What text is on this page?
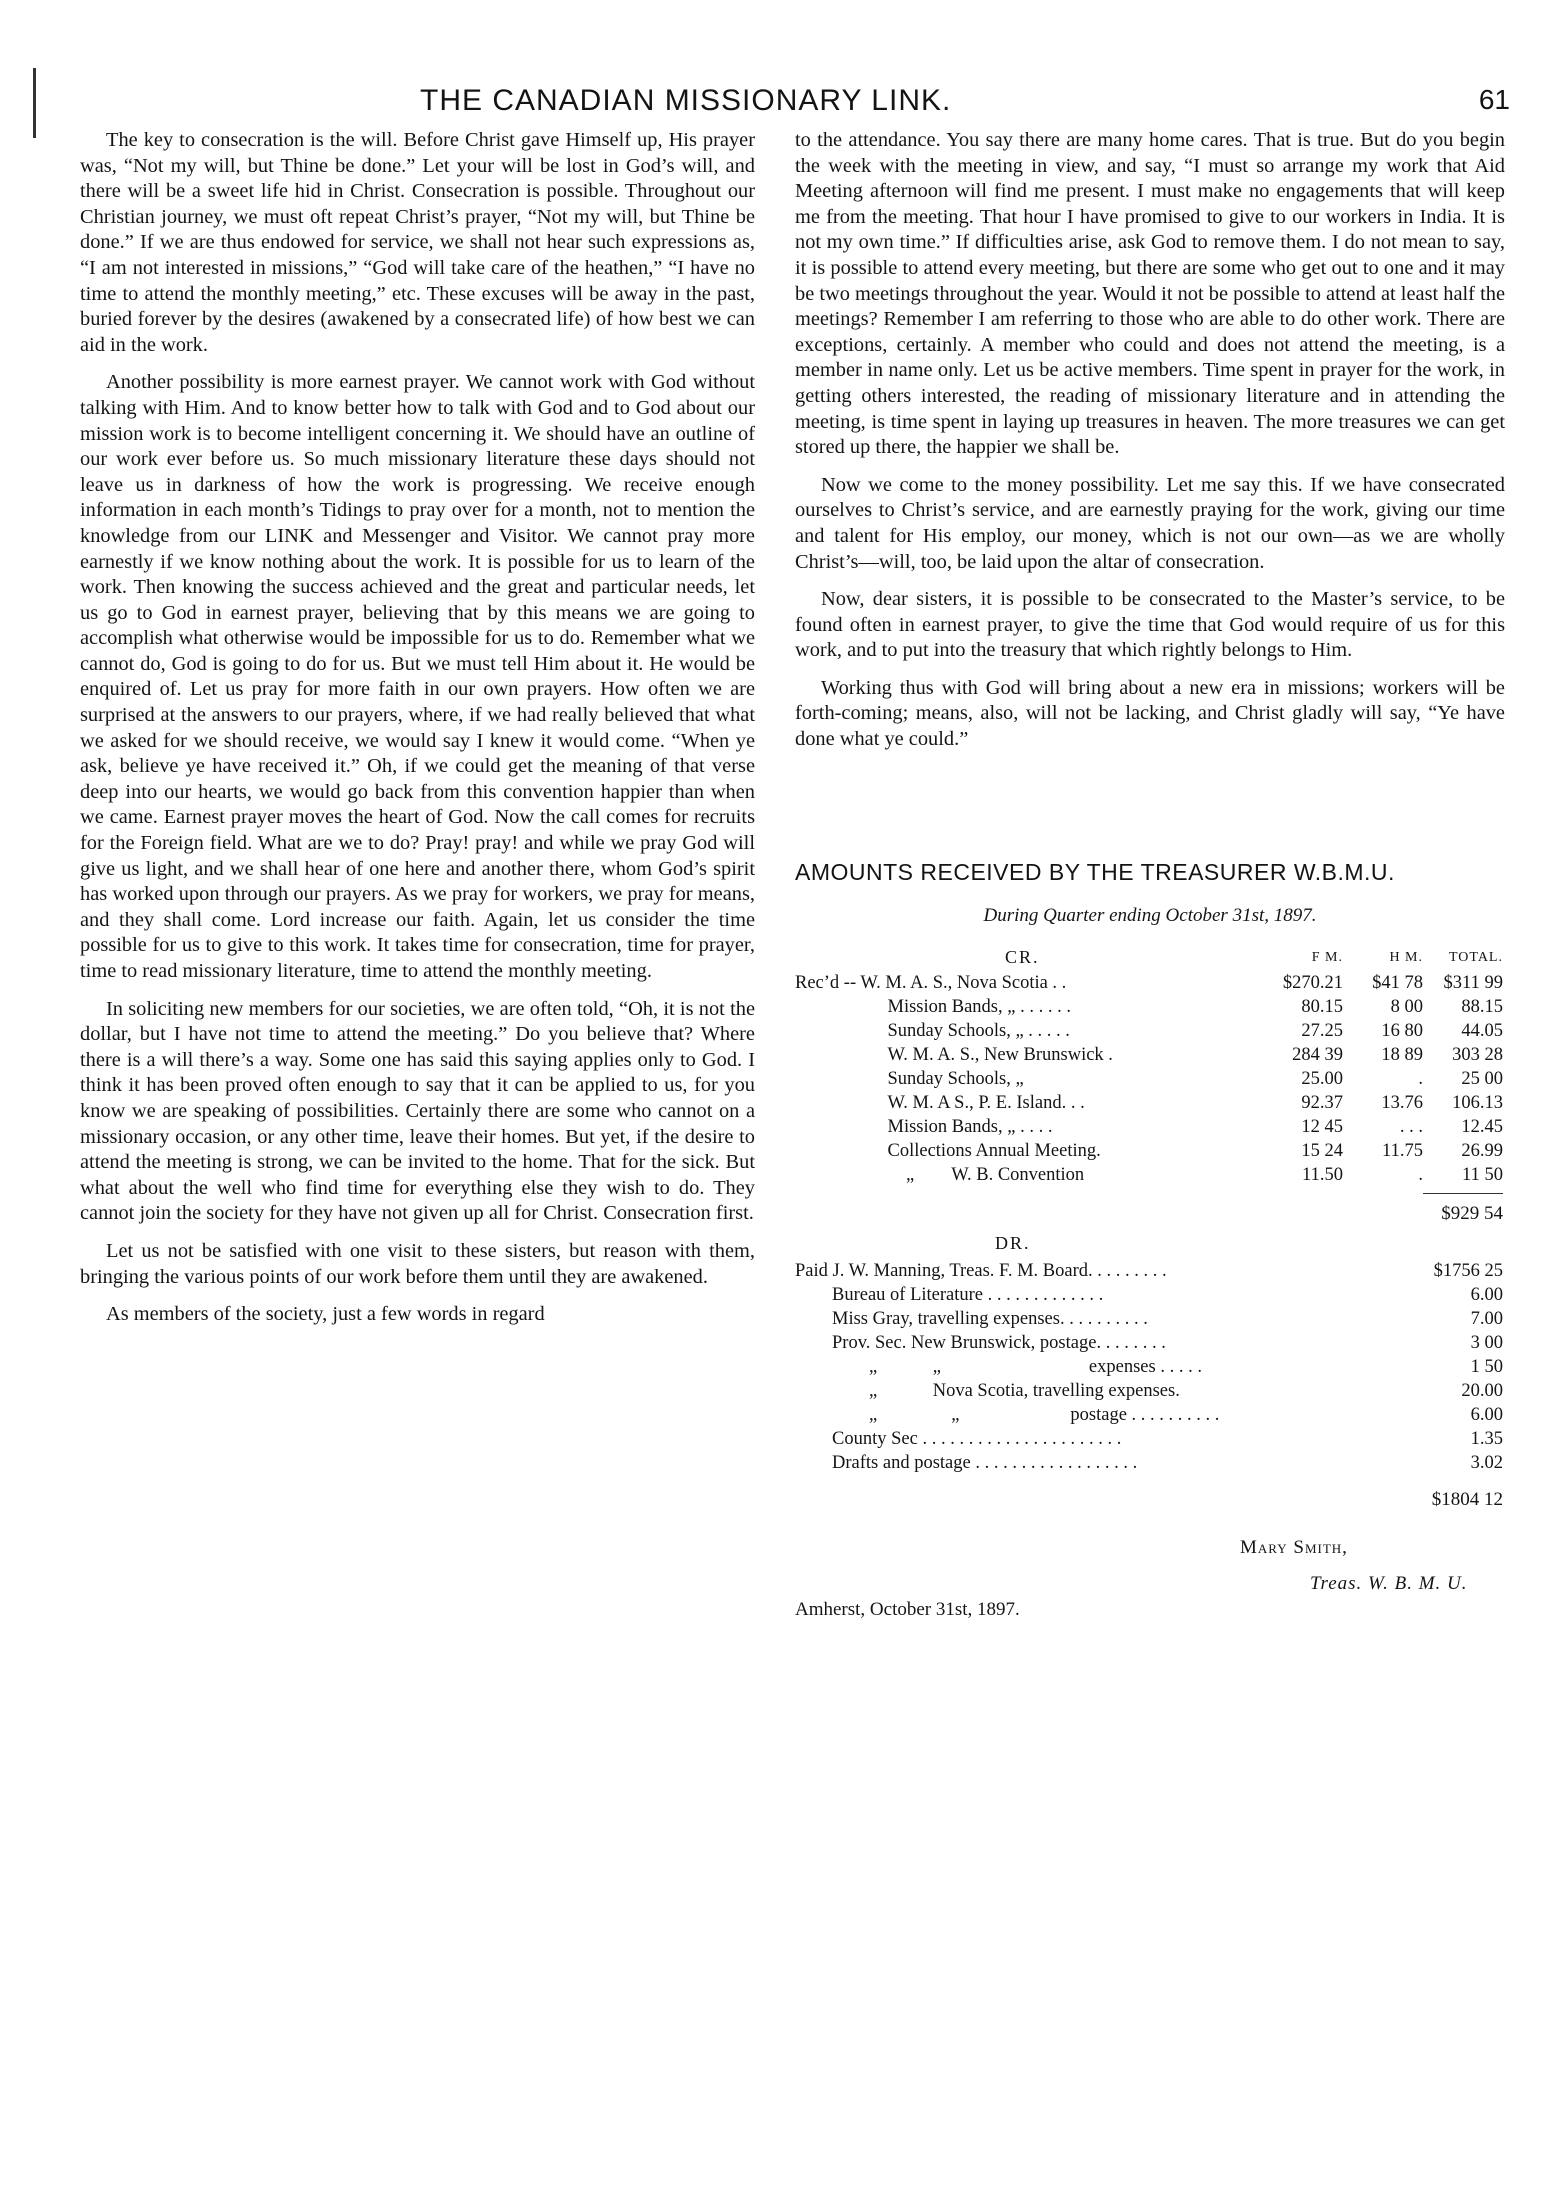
THE CANADIAN MISSIONARY LINK.	61

The key to consecration is the will. Before Christ gave Himself up, His prayer was, “Not my will, but Thine be done.” Let your will be lost in God’s will, and there will be a sweet life hid in Christ. Consecration is possible. Throughout our Christian journey, we must oft repeat Christ’s prayer, “Not my will, but Thine be done.” If we are thus endowed for service, we shall not hear such expressions as, “I am not interested in missions,” “God will take care of the heathen,” “I have no time to attend the monthly meeting,” etc. These excuses will be away in the past, buried forever by the desires (awakened by a consecrated life) of how best we can aid in the work.

Another possibility is more earnest prayer. We cannot work with God without talking with Him. And to know better how to talk with God and to God about our mission work is to become intelligent concerning it. We should have an outline of our work ever before us. So much missionary literature these days should not leave us in darkness of how the work is progressing. We receive enough information in each month’s Tidings to pray over for a month, not to mention the knowledge from our LINK and Messenger and Visitor. We cannot pray more earnestly if we know nothing about the work. It is possible for us to learn of the work. Then knowing the success achieved and the great and particular needs, let us go to God in earnest prayer, believing that by this means we are going to accomplish what otherwise would be impossible for us to do. Remember what we cannot do, God is going to do for us. But we must tell Him about it. He would be enquired of. Let us pray for more faith in our own prayers. How often we are surprised at the answers to our prayers, where, if we had really believed that what we asked for we should receive, we would say I knew it would come. “When ye ask, believe ye have received it.” Oh, if we could get the meaning of that verse deep into our hearts, we would go back from this convention happier than when we came. Earnest prayer moves the heart of God. Now the call comes for recruits for the Foreign field. What are we to do? Pray! pray! and while we pray God will give us light, and we shall hear of one here and another there, whom God’s spirit has worked upon through our prayers. As we pray for workers, we pray for means, and they shall come. Lord increase our faith. Again, let us consider the time possible for us to give to this work. It takes time for consecration, time for prayer, time to read missionary literature, time to attend the monthly meeting.

In soliciting new members for our societies, we are often told, “Oh, it is not the dollar, but I have not time to attend the meeting.” Do you believe that? Where there is a will there’s a way. Some one has said this saying applies only to God. I think it has been proved often enough to say that it can be applied to us, for you know we are speaking of possibilities. Certainly there are some who cannot on a missionary occasion, or any other time, leave their homes. But yet, if the desire to attend the meeting is strong, we can be invited to the home. That for the sick. But what about the well who find time for everything else they wish to do. They cannot join the society for they have not given up all for Christ. Consecration first.

Let us not be satisfied with one visit to these sisters, but reason with them, bringing the various points of our work before them until they are awakened.

As members of the society, just a few words in regard

to the attendance. You say there are many home cares. That is true. But do you begin the week with the meeting in view, and say, “I must so arrange my work that Aid Meeting afternoon will find me present. I must make no engagements that will keep me from the meeting. That hour I have promised to give to our workers in India. It is not my own time.” If difficulties arise, ask God to remove them. I do not mean to say, it is possible to attend every meeting, but there are some who get out to one and it may be two meetings throughout the year. Would it not be possible to attend at least half the meetings? Remember I am referring to those who are able to do other work. There are exceptions, certainly. A member who could and does not attend the meeting, is a member in name only. Let us be active members. Time spent in prayer for the work, in getting others interested, the reading of missionary literature and in attending the meeting, is time spent in laying up treasures in heaven. The more treasures we can get stored up there, the happier we shall be.

Now we come to the money possibility. Let me say this. If we have consecrated ourselves to Christ’s service, and are earnestly praying for the work, giving our time and talent for His employ, our money, which is not our own—as we are wholly Christ’s—will, too, be laid upon the altar of consecration.

Now, dear sisters, it is possible to be consecrated to the Master’s service, to be found often in earnest prayer, to give the time that God would require of us for this work, and to put into the treasury that which rightly belongs to Him.

Working thus with God will bring about a new era in missions; workers will be forth-coming; means, also, will not be lacking, and Christ gladly will say, “Ye have done what ye could.”

AMOUNTS RECEIVED BY THE TREASURER W.B.M.U.
During Quarter ending October 31st, 1897.
CR.	F M.	H M.	TOTAL.
Rec’d -- W. M. A. S., Nova Scotia . .	$270.21	$41 78	$311 99
     Mission Bands, „ . . . . . .	80.15	8 00	88.15
     Sunday Schools, „ . . . . .	27.25	16 80	44.05
     W. M. A. S., New Brunswick .	284 39	18 89	303 28
     Sunday Schools, „	25.00	.	25 00
     W. M. A S., P. E. Island. . .	92.37	13.76	106.13
     Mission Bands, „ . . . .	12 45	. . .	12.45
     Collections Annual Meeting.	15 24	11.75	26.99
      „  W. B. Convention	11.50	.	11 50
$929 54
DR.
Paid J. W. Manning, Treas. F. M. Board. . . . . . . . .	$1756 25
  Bureau of Literature . . . . . . . . . . . . .	6.00
  Miss Gray, travelling expenses. . . . . . . . . .	7.00
  Prov. Sec. New Brunswick, postage. . . . . . . .	3 00
    „   „        expenses . . . . .	1 50
    „   Nova Scotia, travelling expenses.	20.00
    „    „      postage . . . . . . . . . .	6.00
  County Sec . . . . . . . . . . . . . . . . . . . . . .	1.35
  Drafts and postage . . . . . . . . . . . . . . . . . .	3.02
$1804 12
Mary Smith,
Treas. W. B. M. U.
Amherst, October 31st, 1897.
